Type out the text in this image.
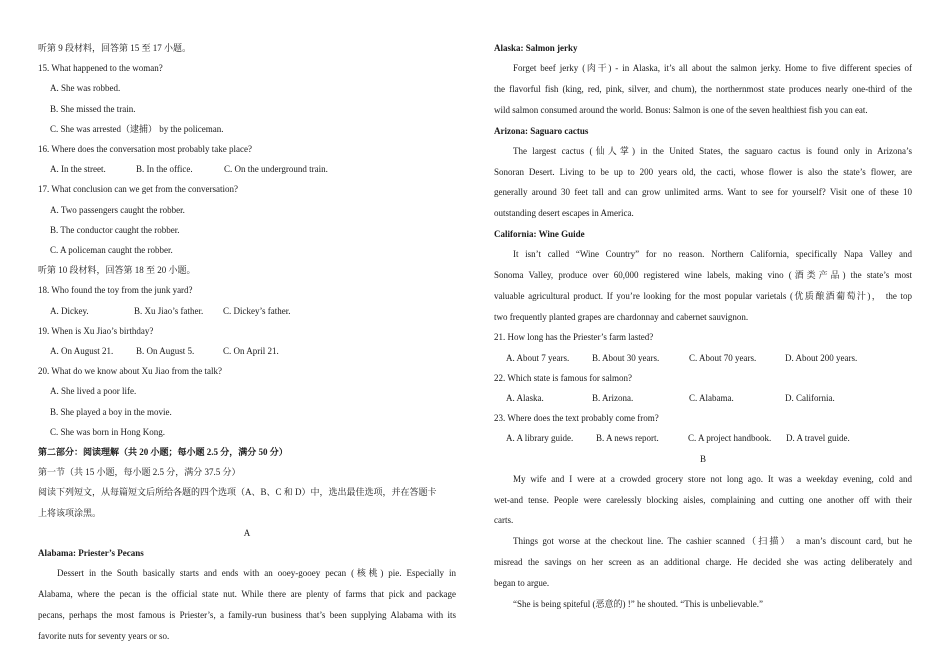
听第 9 段材料，回答第 15 至 17 小题。
15. What happened to the woman?
A. She was robbed.
B. She missed the train.
C. She was arrested（逮捕） by the policeman.
16. Where does the conversation most probably take place?
A. In the street.	B. In the office.	C. On the underground train.
17. What conclusion can we get from the conversation?
A. Two passengers caught the robber.
B. The conductor caught the robber.
C. A policeman caught the robber.
听第 10 段材料，回答第 18 至 20 小题。
18. Who found the toy from the junk yard?
A. Dickey.	B. Xu Jiao’s father.	C. Dickey’s father.
19. When is Xu Jiao’s birthday?
A. On August 21.	B. On August 5.	C. On April 21.
20. What do we know about Xu Jiao from the talk?
A. She lived a poor life.
B. She played a boy in the movie.
C. She was born in Hong Kong.
第二部分：阅读理解（共 20 小题；每小题 2.5 分，满分 50 分）
第一节（共 15 小题，每小题 2.5 分，满分 37.5 分）
阅读下列短文，从每篇短文后所给各题的四个选项（A、B、C 和 D）中，选出最佳选项，并在答题卡
上将该项涂黑。
A
Alabama: Priester’s Pecans
Dessert in the South basically starts and ends with an ooey-gooey pecan (核桃) pie. Especially in
Alabama, where the pecan is the official state nut. While there are plenty of farms that pick and package
pecans, perhaps the most famous is Priester’s, a family-run business that’s been supplying Alabama with its
favorite nuts for seventy years or so.
Alaska: Salmon jerky
Forget beef jerky (肉干) - in Alaska, it’s all about the salmon jerky. Home to five different species of
the flavorful fish (king, red, pink, silver, and chum), the northernmost state produces nearly one-third of the
wild salmon consumed around the world. Bonus: Salmon is one of the seven healthiest fish you can eat.
Arizona: Saguaro cactus
The largest cactus (仙人掌) in the United States, the saguaro cactus is found only in Arizona’s
Sonoran Desert. Living to be up to 200 years old, the cacti, whose flower is also the state’s flower, are
generally around 30 feet tall and can grow unlimited arms. Want to see for yourself? Visit one of these 10
outstanding desert escapes in America.
California: Wine Guide
It isn’t called “Wine Country” for no reason. Northern California, specifically Napa Valley and
Sonoma Valley, produce over 60,000 registered wine labels, making vino (酒类产品) the state’s most
valuable agricultural product. If you’re looking for the most popular varietals (优质酿酒葡萄汁)， the top
two frequently planted grapes are chardonnay and cabernet sauvignon.
21. How long has the Priester’s farm lasted?
A. About 7 years.	B. About 30 years.	C. About 70 years.	D. About 200 years.
22. Which state is famous for salmon?
A. Alaska.	B. Arizona.	C. Alabama.	D. California.
23. Where does the text probably come from?
A. A library guide.	B. A news report.	C. A project handbook.	D. A travel guide.
B
My wife and I were at a crowded grocery store not long ago. It was a weekday evening, cold and
wet-and tense. People were carelessly blocking aisles, complaining and cutting one another off with their
carts.
Things got worse at the checkout line. The cashier scanned（扫描） a man’s discount card, but he
misread the savings on her screen as an additional charge. He decided she was acting deliberately and
began to argue.
“She is being spiteful (恶意的) !” he shouted. “This is unbelievable.”
